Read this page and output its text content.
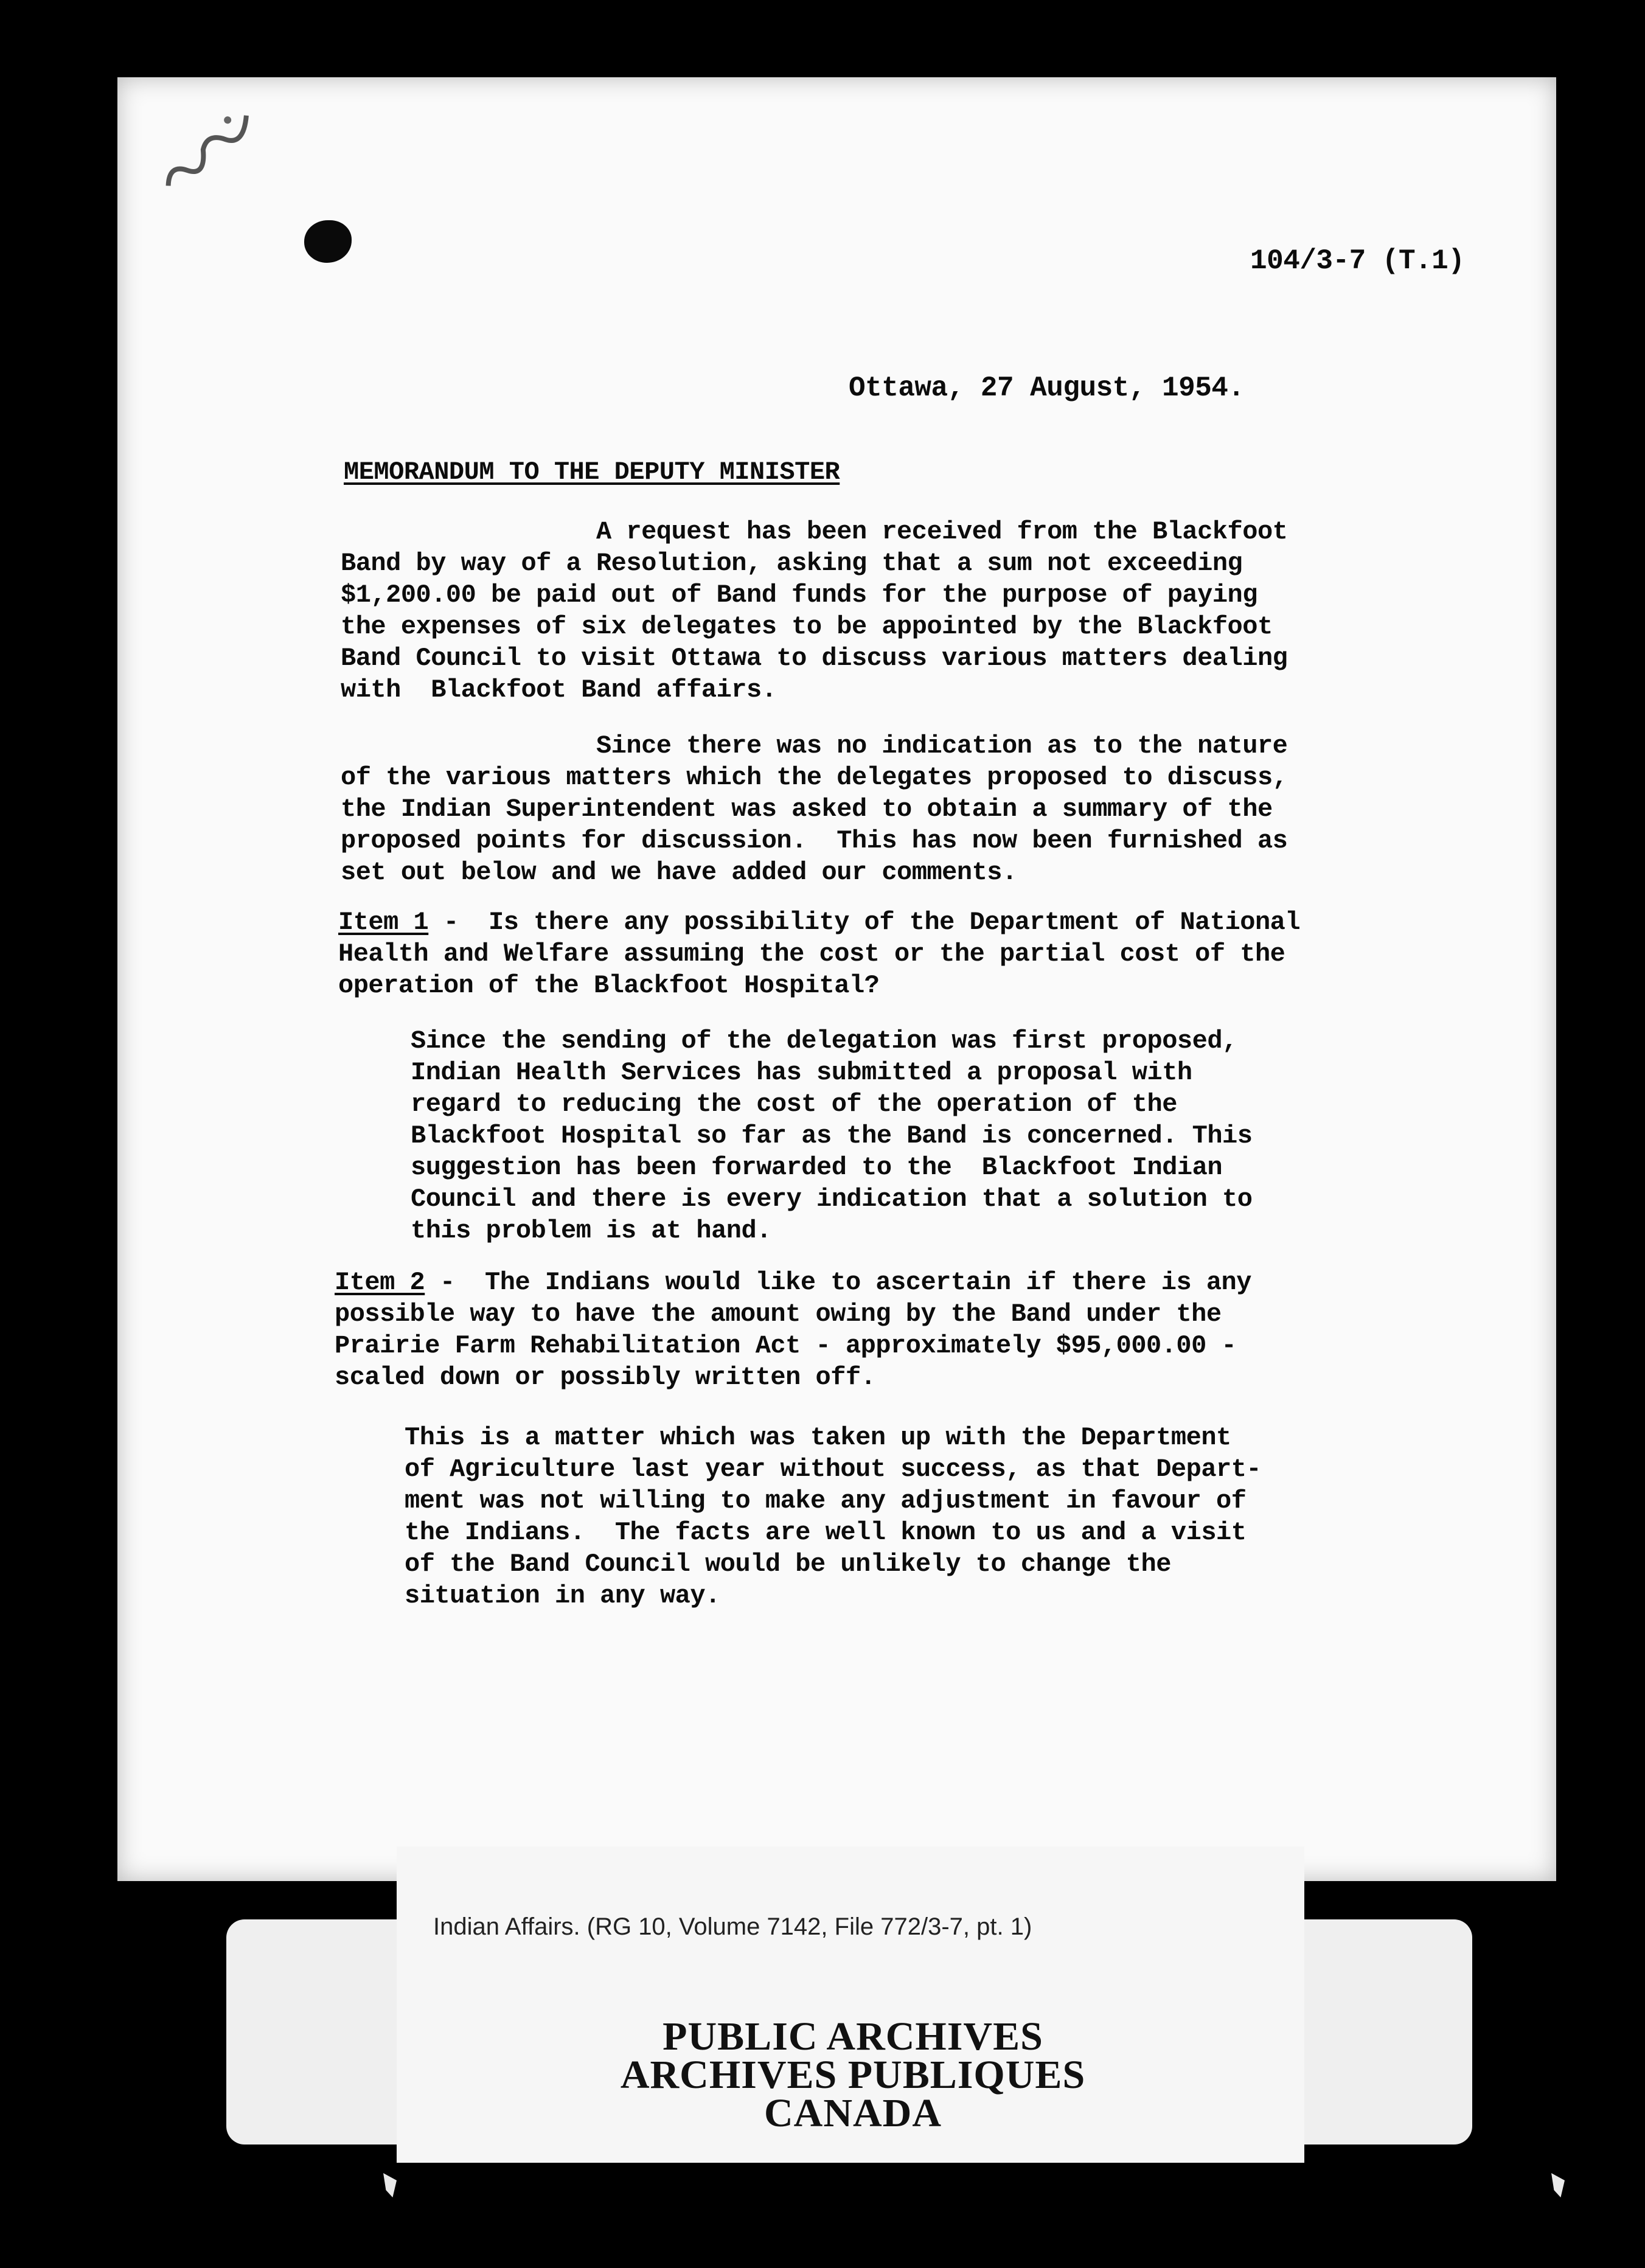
104/3-7 (T.1)
Ottawa, 27 August, 1954.
MEMORANDUM TO THE DEPUTY MINISTER
A request has been received from the Blackfoot
Band by way of a Resolution, asking that a sum not exceeding
$1,200.00 be paid out of Band funds for the purpose of paying
the expenses of six delegates to be appointed by the Blackfoot
Band Council to visit Ottawa to discuss various matters dealing
with  Blackfoot Band affairs.
Since there was no indication as to the nature
of the various matters which the delegates proposed to discuss,
the Indian Superintendent was asked to obtain a summary of the
proposed points for discussion.  This has now been furnished as
set out below and we have added our comments.
Item 1 -  Is there any possibility of the Department of National
Health and Welfare assuming the cost or the partial cost of the
operation of the Blackfoot Hospital?
Since the sending of the delegation was first proposed,
Indian Health Services has submitted a proposal with
regard to reducing the cost of the operation of the
Blackfoot Hospital so far as the Band is concerned. This
suggestion has been forwarded to the  Blackfoot Indian
Council and there is every indication that a solution to
this problem is at hand.
Item 2 -  The Indians would like to ascertain if there is any
possible way to have the amount owing by the Band under the
Prairie Farm Rehabilitation Act - approximately $95,000.00 -
scaled down or possibly written off.
This is a matter which was taken up with the Department
of Agriculture last year without success, as that Depart-
ment was not willing to make any adjustment in favour of
the Indians.  The facts are well known to us and a visit
of the Band Council would be unlikely to change the
situation in any way.
Indian Affairs. (RG 10, Volume 7142, File 772/3-7, pt. 1)
PUBLIC ARCHIVES
ARCHIVES PUBLIQUES
CANADA
